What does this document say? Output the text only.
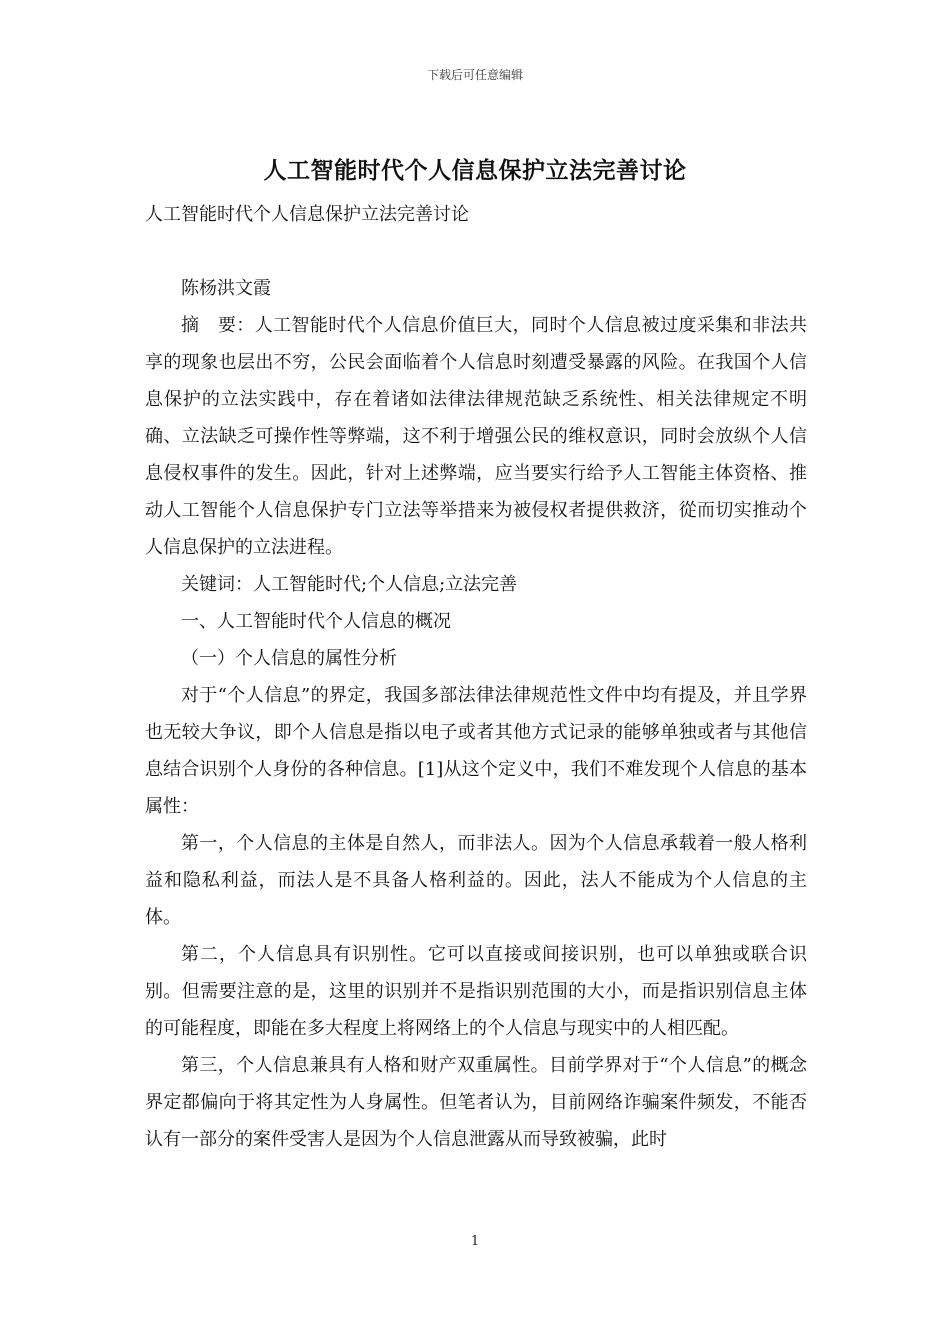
下载后可任意编辑
人工智能时代个人信息保护立法完善讨论

人工智能时代个人信息保护立法完善讨论

陈杨洪文霞

摘　要：人工智能时代个人信息价值巨大，同时个人信息被过度采集和非法共享的现象也层出不穷，公民会面临着个人信息时刻遭受暴露的风险。在我国个人信息保护的立法实践中，存在着诸如法律法律规范缺乏系统性、相关法律规定不明确、立法缺乏可操作性等弊端，这不利于增强公民的维权意识，同时会放纵个人信息侵权事件的发生。因此，针对上述弊端，应当要实行给予人工智能主体资格、推动人工智能个人信息保护专门立法等举措来为被侵权者提供救济，從而切实推动个人信息保护的立法进程。

关键词：人工智能时代;个人信息;立法完善

一、人工智能时代个人信息的概况

（一）个人信息的属性分析

对于“个人信息”的界定，我国多部法律法律规范性文件中均有提及，并且学界也无较大争议，即个人信息是指以电子或者其他方式记录的能够单独或者与其他信息结合识别个人身份的各种信息。[1]从这个定义中，我们不难发现个人信息的基本属性：

第一，个人信息的主体是自然人，而非法人。因为个人信息承载着一般人格利益和隐私利益，而法人是不具备人格利益的。因此，法人不能成为个人信息的主体。

第二，个人信息具有识别性。它可以直接或间接识别，也可以单独或联合识别。但需要注意的是，这里的识别并不是指识别范围的大小，而是指识别信息主体的可能程度，即能在多大程度上将网络上的个人信息与现实中的人相匹配。

第三，个人信息兼具有人格和财产双重属性。目前学界对于“个人信息”的概念界定都偏向于将其定性为人身属性。但笔者认为，目前网络诈骗案件频发，不能否认有一部分的案件受害人是因为个人信息泄露从而导致被骗，此时

1
